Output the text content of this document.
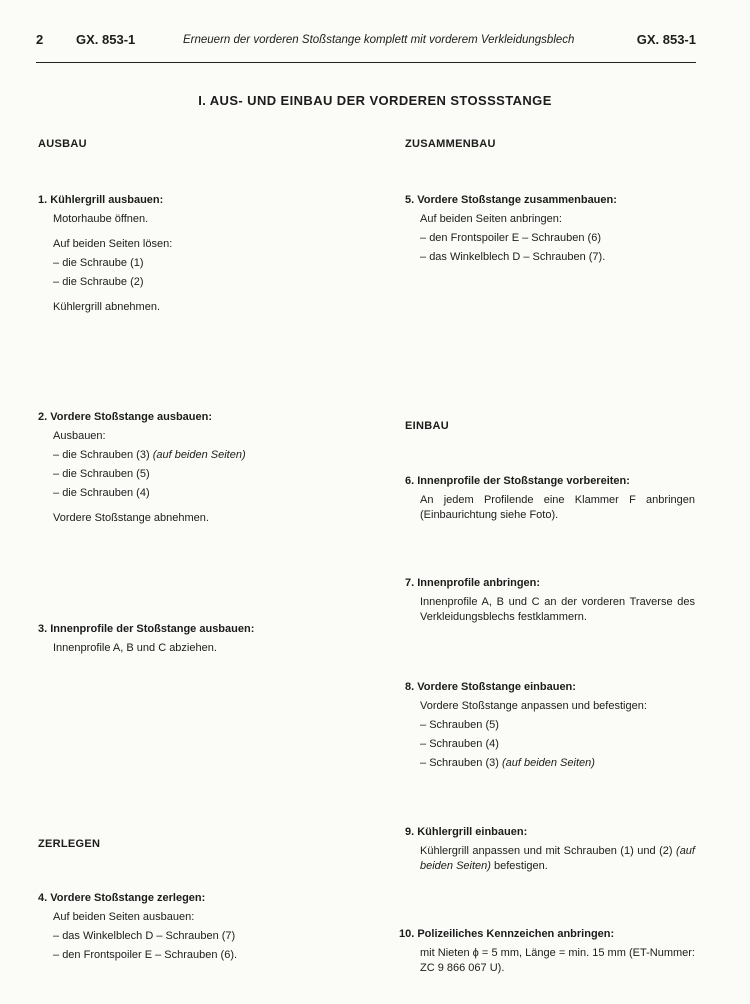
2	GX. 853-1	Erneuern der vorderen Stoßstange komplett mit vorderem Verkleidungsblech	GX. 853-1
I. AUS- UND EINBAU DER VORDEREN STOSSSTANGE
AUSBAU	ZUSAMMENBAU
EINBAU
ZERLEGEN
1. Kühlergrill ausbauen:
Motorhaube öffnen.
Auf beiden Seiten lösen:
– die Schraube (1)
– die Schraube (2)
Kühlergrill abnehmen.
2. Vordere Stoßstange ausbauen:
Ausbauen:
– die Schrauben (3) (auf beiden Seiten)
– die Schrauben (5)
– die Schrauben (4)
Vordere Stoßstange abnehmen.
3. Innenprofile der Stoßstange ausbauen:
Innenprofile A, B und C abziehen.
4. Vordere Stoßstange zerlegen:
Auf beiden Seiten ausbauen:
– das Winkelblech D – Schrauben (7)
– den Frontspoiler E – Schrauben (6).
5. Vordere Stoßstange zusammenbauen:
Auf beiden Seiten anbringen:
– den Frontspoiler E – Schrauben (6)
– das Winkelblech D – Schrauben (7).
6. Innenprofile der Stoßstange vorbereiten:
An jedem Profilende eine Klammer F anbringen (Einbaurichtung siehe Foto).
7. Innenprofile anbringen:
Innenprofile A, B und C an der vorderen Traverse des Verkleidungsblechs festklammern.
8. Vordere Stoßstange einbauen:
Vordere Stoßstange anpassen und befestigen:
– Schrauben (5)
– Schrauben (4)
– Schrauben (3) (auf beiden Seiten)
9. Kühlergrill einbauen:
Kühlergrill anpassen und mit Schrauben (1) und (2) (auf beiden Seiten) befestigen.
10. Polizeiliches Kennzeichen anbringen:
mit Nieten ϕ = 5 mm, Länge = min. 15 mm (ET-Nummer: ZC 9 866 067 U).
